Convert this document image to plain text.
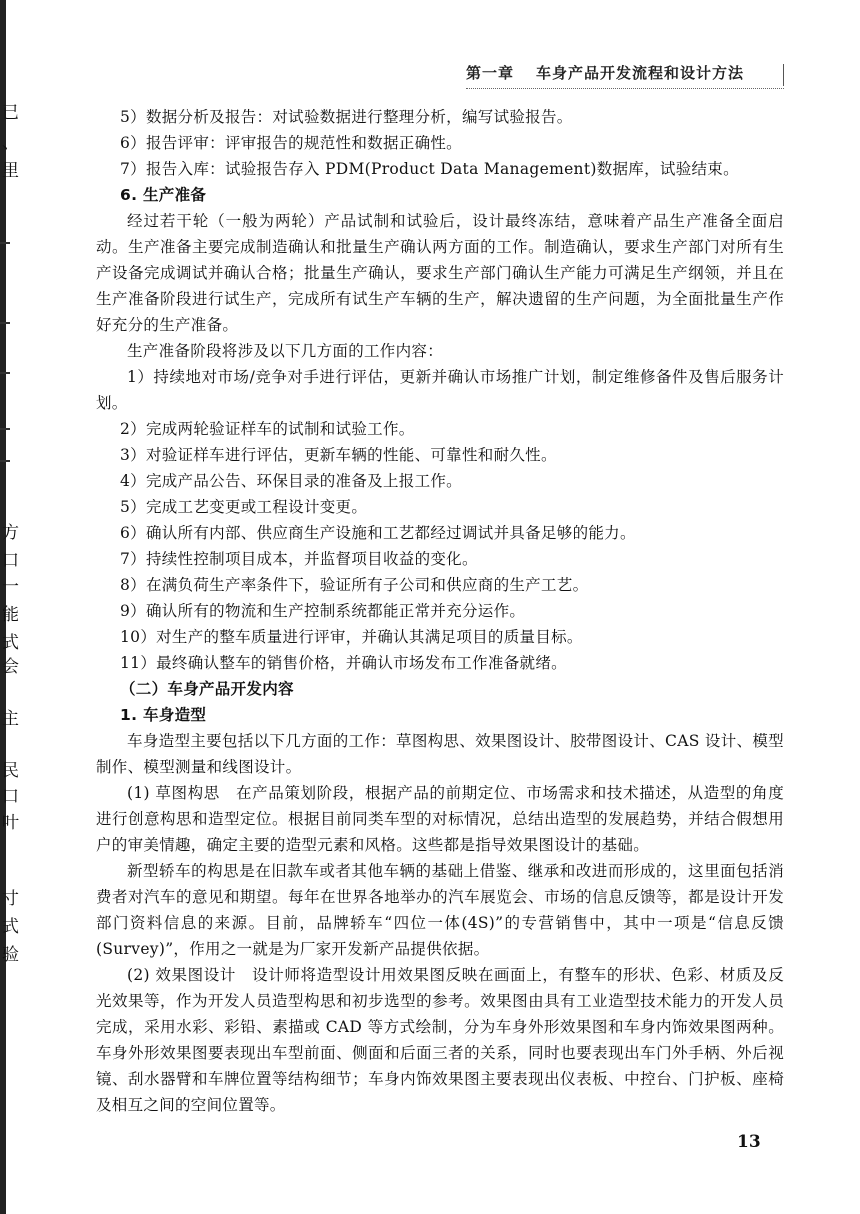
已
、
里
方
口
一
能
式
会
主
民
口
叶
寸
式
验
第一章 车身产品开发流程和设计方法

5）数据分析及报告：对试验数据进行整理分析，编写试验报告。

6）报告评审：评审报告的规范性和数据正确性。

7）报告入库：试验报告存入 PDM(Product Data Management)数据库，试验结束。

6. 生产准备

经过若干轮（一般为两轮）产品试制和试验后，设计最终冻结，意味着产品生产准备全面启动。生产准备主要完成制造确认和批量生产确认两方面的工作。制造确认，要求生产部门对所有生产设备完成调试并确认合格；批量生产确认，要求生产部门确认生产能力可满足生产纲领，并且在生产准备阶段进行试生产，完成所有试生产车辆的生产，解决遗留的生产问题，为全面批量生产作好充分的生产准备。

生产准备阶段将涉及以下几方面的工作内容：

1）持续地对市场/竞争对手进行评估，更新并确认市场推广计划，制定维修备件及售后服务计划。

2）完成两轮验证样车的试制和试验工作。

3）对验证样车进行评估，更新车辆的性能、可靠性和耐久性。

4）完成产品公告、环保目录的准备及上报工作。

5）完成工艺变更或工程设计变更。

6）确认所有内部、供应商生产设施和工艺都经过调试并具备足够的能力。

7）持续性控制项目成本，并监督项目收益的变化。

8）在满负荷生产率条件下，验证所有子公司和供应商的生产工艺。

9）确认所有的物流和生产控制系统都能正常并充分运作。

10）对生产的整车质量进行评审，并确认其满足项目的质量目标。

11）最终确认整车的销售价格，并确认市场发布工作准备就绪。

（二）车身产品开发内容

1. 车身造型

车身造型主要包括以下几方面的工作：草图构思、效果图设计、胶带图设计、CAS 设计、模型制作、模型测量和线图设计。

(1) 草图构思　在产品策划阶段，根据产品的前期定位、市场需求和技术描述，从造型的角度进行创意构思和造型定位。根据目前同类车型的对标情况，总结出造型的发展趋势，并结合假想用户的审美情趣，确定主要的造型元素和风格。这些都是指导效果图设计的基础。

新型轿车的构思是在旧款车或者其他车辆的基础上借鉴、继承和改进而形成的，这里面包括消费者对汽车的意见和期望。每年在世界各地举办的汽车展览会、市场的信息反馈等，都是设计开发部门资料信息的来源。目前，品牌轿车“四位一体(4S)”的专营销售中，其中一项是“信息反馈(Survey)”，作用之一就是为厂家开发新产品提供依据。

(2) 效果图设计　设计师将造型设计用效果图反映在画面上，有整车的形状、色彩、材质及反光效果等，作为开发人员造型构思和初步选型的参考。效果图由具有工业造型技术能力的开发人员完成，采用水彩、彩铅、素描或 CAD 等方式绘制，分为车身外形效果图和车身内饰效果图两种。车身外形效果图要表现出车型前面、侧面和后面三者的关系，同时也要表现出车门外手柄、外后视镜、刮水器臂和车牌位置等结构细节；车身内饰效果图主要表现出仪表板、中控台、门护板、座椅及相互之间的空间位置等。

13
